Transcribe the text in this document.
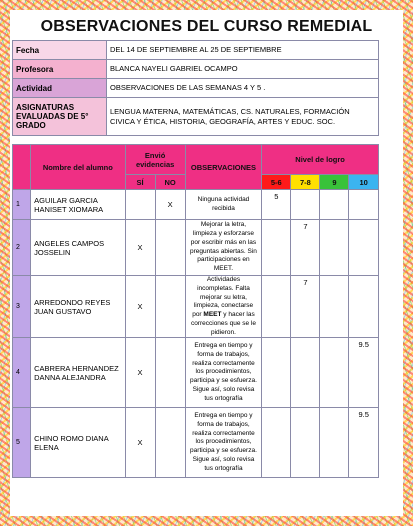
OBSERVACIONES DEL CURSO REMEDIAL
Fecha	DEL 14 DE SEPTIEMBRE AL 25 DE SEPTIEMBRE
Profesora	BLANCA NAYELI GABRIEL OCAMPO
Actividad	OBSERVACIONES DE LAS SEMANAS 4 Y 5 .
ASIGNATURAS EVALUADAS DE 5° GRADO	LENGUA MATERNA, MATEMÁTICAS, CS. NATURALES, FORMACIÓN CIVICA Y ÉTICA, HISTORIA, GEOGRAFÍA, ARTES Y EDUC. SOC.
	Nombre del alumno	Envió evidencias		OBSERVACIONES	Nivel de logro			
		SÍ	NO		5-6	7-8	9	10
1	AGUILAR GARCIA HANISET XIOMARA		X	Ninguna actividad recibida	5			
2	ANGELES CAMPOS JOSSELIN	X		Mejorar la letra, limpieza y esforzarse por escribir más en las preguntas abiertas. Sin participaciones en MEET.		7		
3	ARREDONDO REYES JUAN GUSTAVO	X		Actividades incompletas. Falta mejorar su letra, limpieza, conectarse por MEET y hacer las correcciones que se le pidieron.		7		
4	CABRERA HERNANDEZ DANNA ALEJANDRA	X		Entrega en tiempo y forma de trabajos, realiza correctamente los procedimientos, participa y se esfuerza. Sigue así, solo revisa tus ortografía				9.5
5	CHINO ROMO DIANA ELENA	X		Entrega en tiempo y forma de trabajos, realiza correctamente los procedimientos, participa y se esfuerza. Sigue así, solo revisa tus ortografía				9.5
